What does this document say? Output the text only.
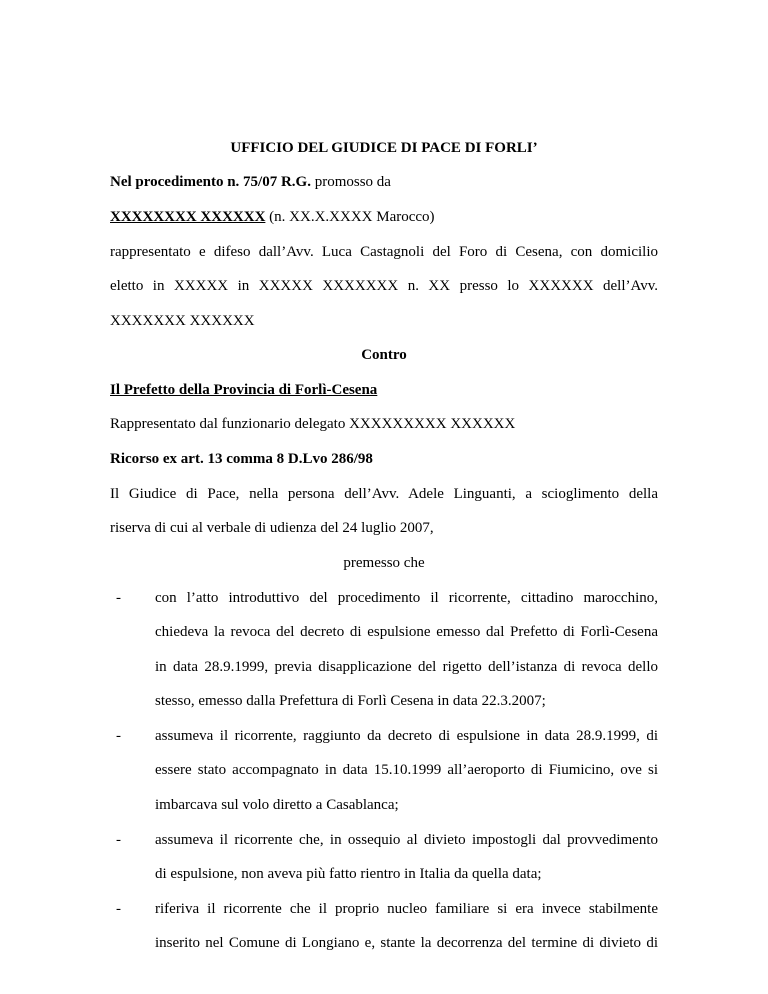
UFFICIO DEL GIUDICE DI PACE DI FORLI’
Nel procedimento n. 75/07 R.G. promosso da
XXXXXXXX XXXXXX (n. XX.X.XXXX Marocco)
rappresentato e difeso dall’Avv. Luca Castagnoli del Foro di Cesena, con domicilio
eletto in XXXXX in XXXXX XXXXXXX n. XX presso lo XXXXXX dell’Avv.
XXXXXXX XXXXXX
Contro
Il Prefetto della Provincia di Forlì-Cesena
Rappresentato dal funzionario delegato XXXXXXXXX XXXXXX
Ricorso ex art. 13 comma 8 D.Lvo 286/98
Il Giudice di Pace, nella persona dell’Avv. Adele Linguanti, a scioglimento della
riserva di cui al verbale di udienza del 24 luglio 2007,
premesso che
- con l’atto introduttivo del procedimento il ricorrente, cittadino marocchino,
chiedeva la revoca del decreto di espulsione emesso dal Prefetto di Forlì-Cesena
in data 28.9.1999, previa disapplicazione del rigetto dell’istanza di revoca dello
stesso, emesso dalla Prefettura di Forlì Cesena in data 22.3.2007;
- assumeva il ricorrente, raggiunto da decreto di espulsione in data 28.9.1999, di
essere stato accompagnato in data 15.10.1999 all’aeroporto di Fiumicino, ove si
imbarcava sul volo diretto a Casablanca;
- assumeva il ricorrente che, in ossequio al divieto impostogli dal provvedimento
di espulsione, non aveva più fatto rientro in Italia da quella data;
- riferiva il ricorrente che il proprio nucleo familiare si era invece stabilmente
inserito nel Comune di Longiano e, stante la decorrenza del termine di divieto di
